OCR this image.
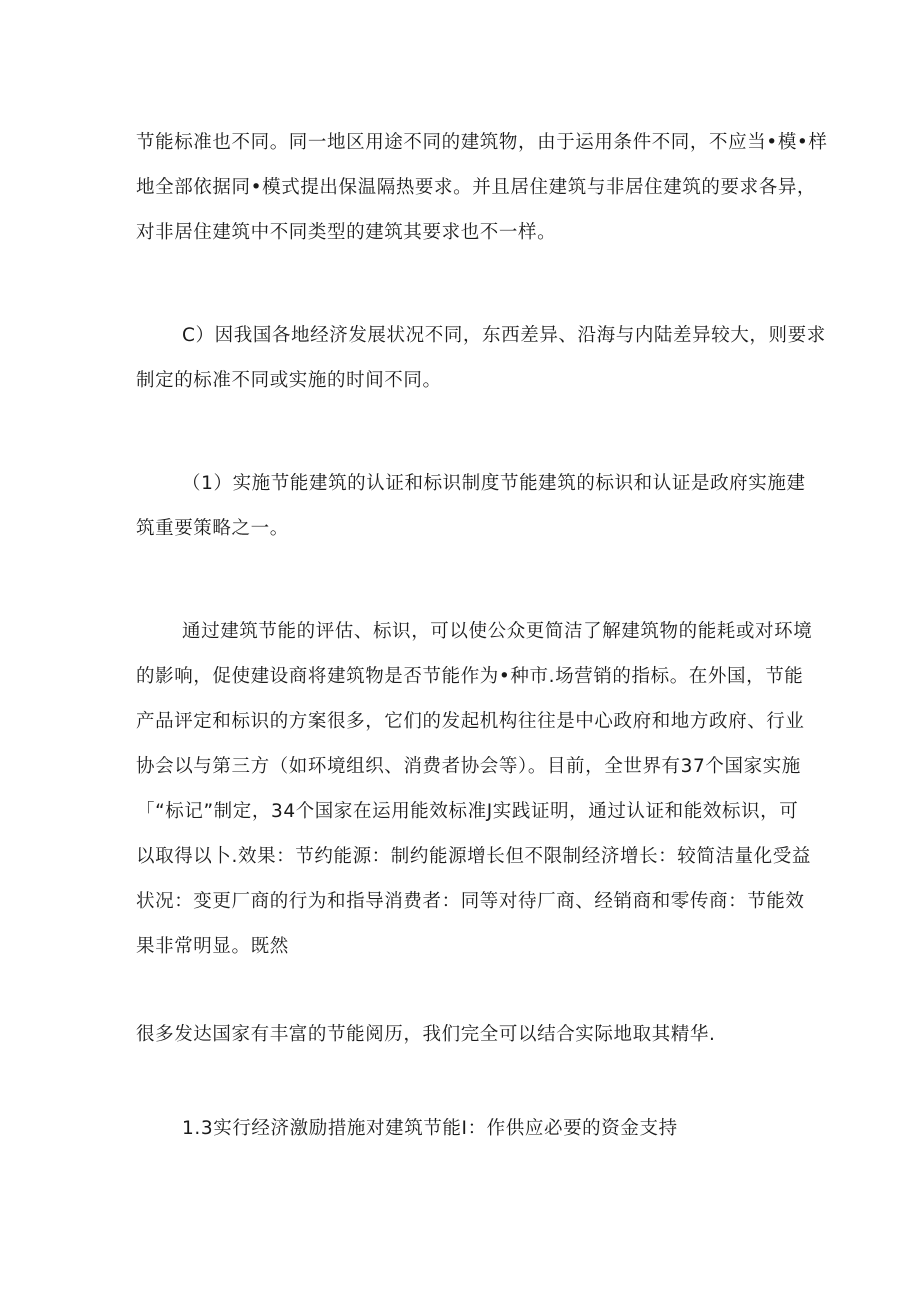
节能标准也不同。同一地区用途不同的建筑物，由于运用条件不同，不应当•模•样
地全部依据同•模式提出保温隔热要求。并且居住建筑与非居住建筑的要求各异，
对非居住建筑中不同类型的建筑其要求也不一样。

C）因我国各地经济发展状况不同，东西差异、沿海与内陆差异较大，则要求
制定的标准不同或实施的时间不同。

（1）实施节能建筑的认证和标识制度节能建筑的标识和认证是政府实施建
筑重要策略之一。

通过建筑节能的评估、标识，可以使公众更简洁了解建筑物的能耗或对环境
的影响，促使建设商将建筑物是否节能作为•种市.场营销的指标。在外国，节能
产品评定和标识的方案很多，它们的发起机构往往是中心政府和地方政府、行业
协会以与第三方（如环境组织、消费者协会等）。目前，全世界有37个国家实施
「“标记”制定，34个国家在运用能效标准J实践证明，通过认证和能效标识，可
以取得以卜.效果：节约能源：制约能源增长但不限制经济增长：较简洁量化受益
状况：变更厂商的行为和指导消费者：同等对待厂商、经销商和零传商：节能效
果非常明显。既然

很多发达国家有丰富的节能阅历，我们完全可以结合实际地取其精华.

1.3实行经济激励措施对建筑节能I：作供应必要的资金支持
